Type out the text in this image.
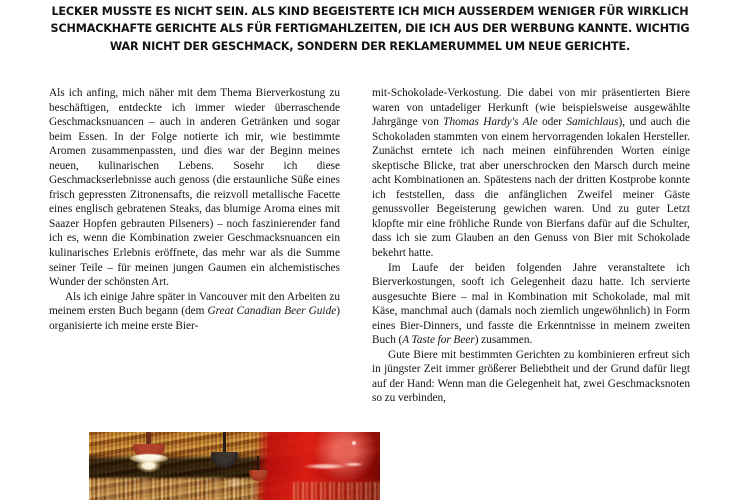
LECKER MUSSTE ES NICHT SEIN. ALS KIND BEGEISTERTE ICH MICH AUSSERDEM WENIGER FÜR WIRKLICH SCHMACKHAFTE GERICHTE ALS FÜR FERTIGMAHLZEITEN, DIE ICH AUS DER WERBUNG KANNTE. WICHTIG WAR NICHT DER GESCHMACK, SONDERN DER REKLAMERUMMEL UM NEUE GERICHTE.

Als ich anfing, mich näher mit dem Thema Bierverkostung zu beschäftigen, entdeckte ich immer wieder überraschende Geschmacksnuancen – auch in anderen Getränken und sogar beim Essen. In der Folge notierte ich mir, wie bestimmte Aromen zusammenpassten, und dies war der Beginn meines neuen, kulinarischen Lebens. Sosehr ich diese Geschmackserlebnisse auch genoss (die erstaunliche Süße eines frisch gepressten Zitronensafts, die reizvoll metallische Facette eines englisch gebratenen Steaks, das blumige Aroma eines mit Saazer Hopfen gebrauten Pilseners) – noch faszinierender fand ich es, wenn die Kombination zweier Geschmacksnuancen ein kulinarisches Erlebnis eröffnete, das mehr war als die Summe seiner Teile – für meinen jungen Gaumen ein alchemistisches Wunder der schönsten Art.

Als ich einige Jahre später in Vancouver mit den Arbeiten zu meinem ersten Buch begann (dem Great Canadian Beer Guide) organisierte ich meine erste Bier-

mit-Schokolade-Verkostung. Die dabei von mir präsentierten Biere waren von untadeliger Herkunft (wie beispielsweise ausgewählte Jahrgänge von Thomas Hardy's Ale oder Samichlaus), und auch die Schokoladen stammten von einem hervorragenden lokalen Hersteller. Zunächst erntete ich nach meinen einführenden Worten einige skeptische Blicke, trat aber unerschrocken den Marsch durch meine acht Kombinationen an. Spätestens nach der dritten Kostprobe konnte ich feststellen, dass die anfänglichen Zweifel meiner Gäste genussvoller Begeisterung gewichen waren. Und zu guter Letzt klopfte mir eine fröhliche Runde von Bierfans dafür auf die Schulter, dass ich sie zum Glauben an den Genuss von Bier mit Schokolade bekehrt hatte.

Im Laufe der beiden folgenden Jahre veranstaltete ich Bierverkostungen, sooft ich Gelegenheit dazu hatte. Ich servierte ausgesuchte Biere – mal in Kombination mit Schokolade, mal mit Käse, manchmal auch (damals noch ziemlich ungewöhnlich) in Form eines Bier-Dinners, und fasste die Erkenntnisse in meinem zweiten Buch (A Taste for Beer) zusammen.

Gute Biere mit bestimmten Gerichten zu kombinieren erfreut sich in jüngster Zeit immer größerer Beliebtheit und der Grund dafür liegt auf der Hand: Wenn man die Gelegenheit hat, zwei Geschmacksnoten so zu verbinden,
